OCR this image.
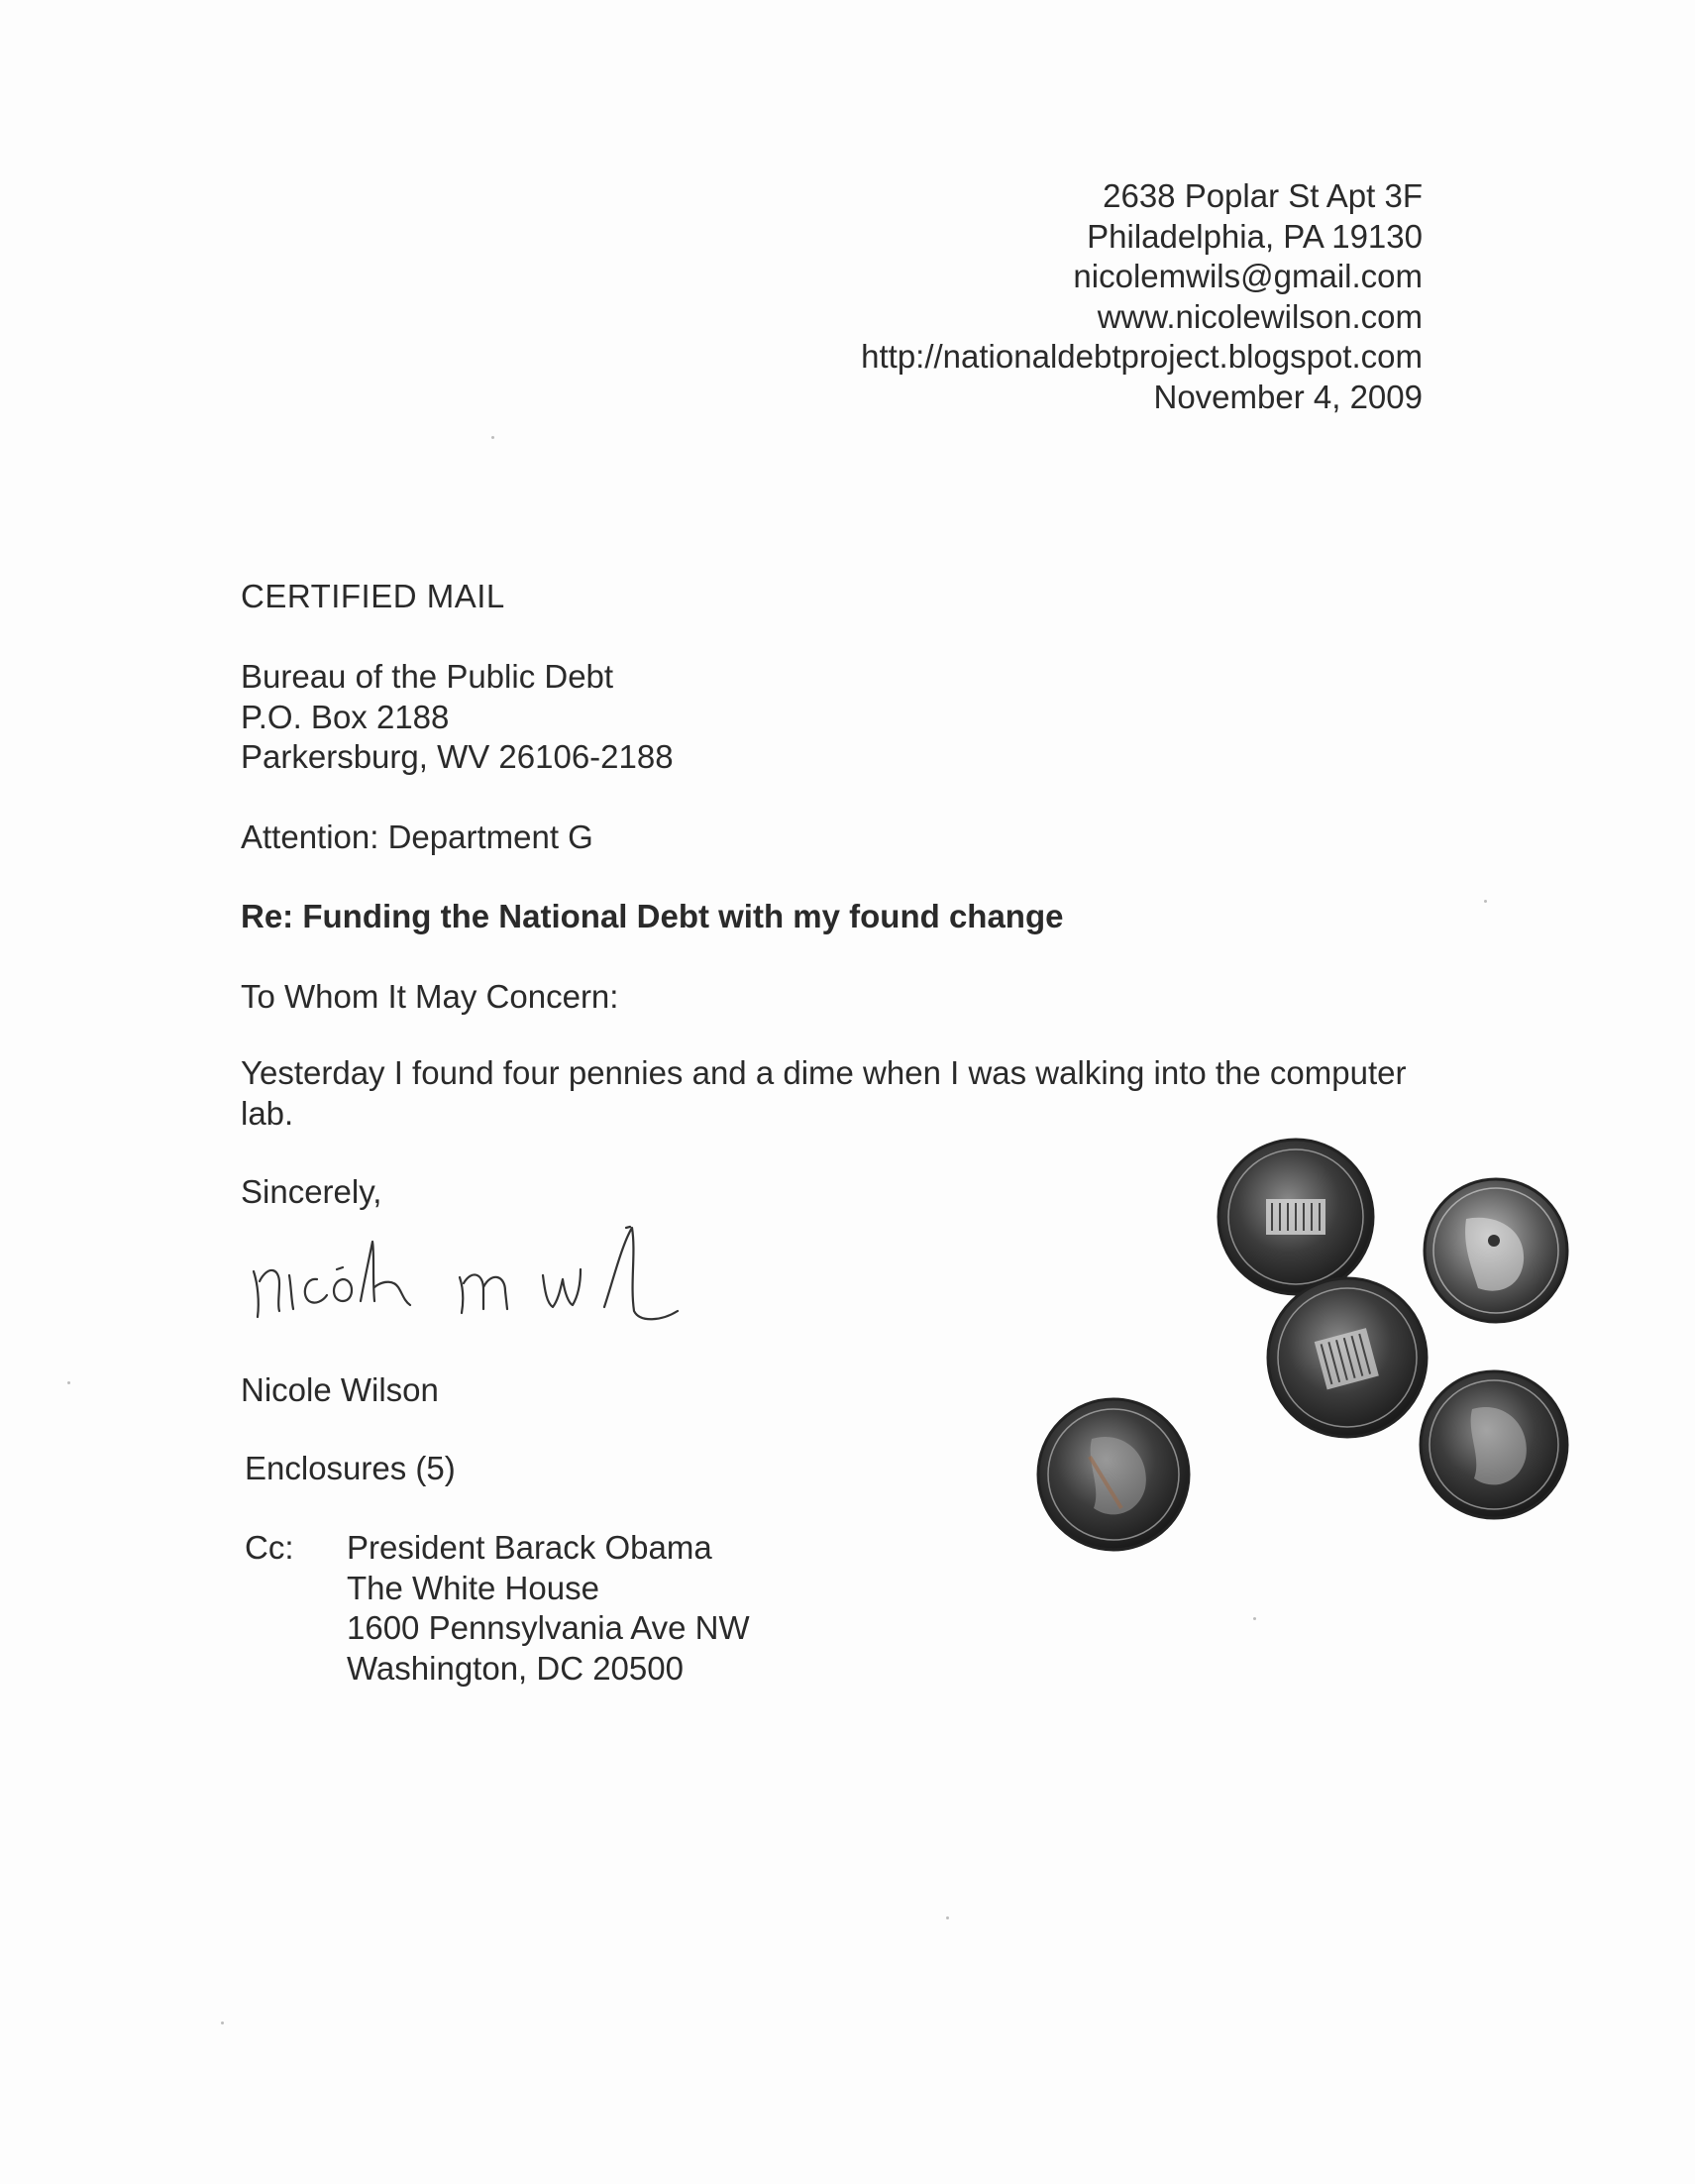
2638 Poplar St Apt 3F
Philadelphia, PA 19130
nicolemwils@gmail.com
www.nicolewilson.com
http://nationaldebtproject.blogspot.com
November 4, 2009
CERTIFIED MAIL
Bureau of the Public Debt
P.O. Box 2188
Parkersburg, WV 26106-2188
Attention: Department G
Re: Funding the National Debt with my found change
To Whom It May Concern:
Yesterday I found four pennies and a dime when I was walking into the computer lab.
Sincerely,
Nicole Wilson
Enclosures (5)
Cc: President Barack Obama
The White House
1600 Pennsylvania Ave NW
Washington, DC 20500
